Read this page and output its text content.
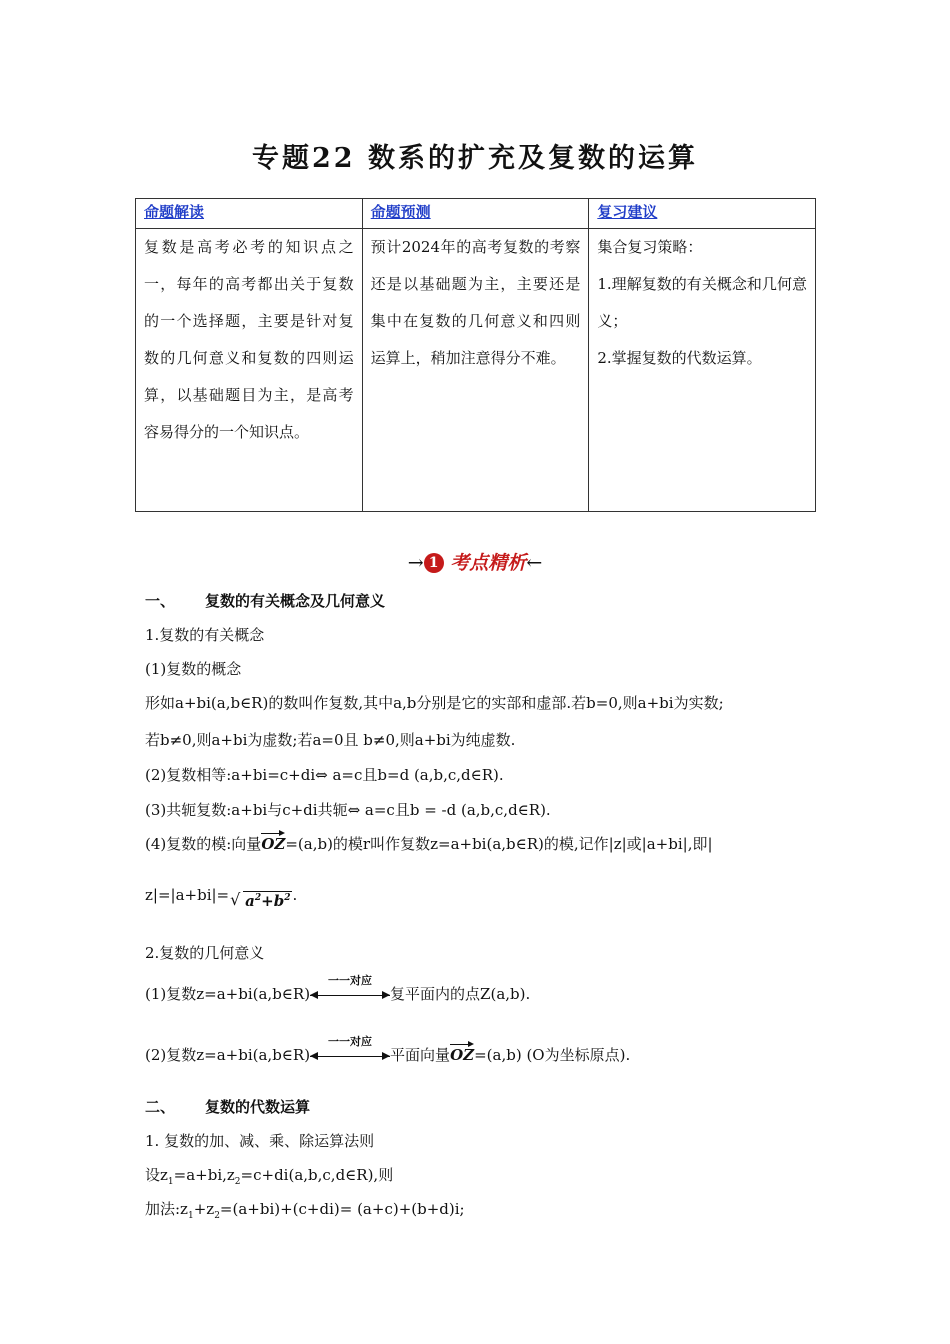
专题22 数系的扩充及复数的运算
命题解读	命题预测	复习建议
复数是高考必考的知识点之一，每年的高考都出关于复数的一个选择题，主要是针对复数的几何意义和复数的四则运算，以基础题目为主，是高考容易得分的一个知识点。	预计2024年的高考复数的考察还是以基础题为主，主要还是集中在复数的几何意义和四则运算上，稍加注意得分不难。	集合复习策略：
1.理解复数的有关概念和几何意义；
2.掌握复数的代数运算。
→ 1 考点精析←
一、 复数的有关概念及几何意义
1.复数的有关概念
(1)复数的概念
形如a+bi(a,b∈R)的数叫作复数,其中a,b分别是它的实部和虚部.若b=0,则a+bi为实数;
若b≠0,则a+bi为虚数;若a=0且 b≠0,则a+bi为纯虚数.
(2)复数相等:a+bi=c+di⇔ a=c且b=d (a,b,c,d∈R).
(3)共轭复数:a+bi与c+di共轭⇔ a=c且b = -d (a,b,c,d∈R).
(4)复数的模:向量OZ=(a,b)的模r叫作复数z=a+bi(a,b∈R)的模,记作|z|或|a+bi|,即|
z|=|a+bi|= √ $a^2+b^2$ .
2.复数的几何意义
(1)复数z=a+bi(a,b∈R)
一一对应
复平面内的点Z(a,b).
(2)复数z=a+bi(a,b∈R)
一一对应
平面向量OZ=(a,b) (O为坐标原点).
二、 复数的代数运算
1. 复数的加、减、乘、除运算法则
设$z_1=a+bi,z_2=c+di(a,b,c,d\in R)$,则
加法$:z_1+z_2=(a+bi)+(c+di)= (a+c)+(b+d)i$;
